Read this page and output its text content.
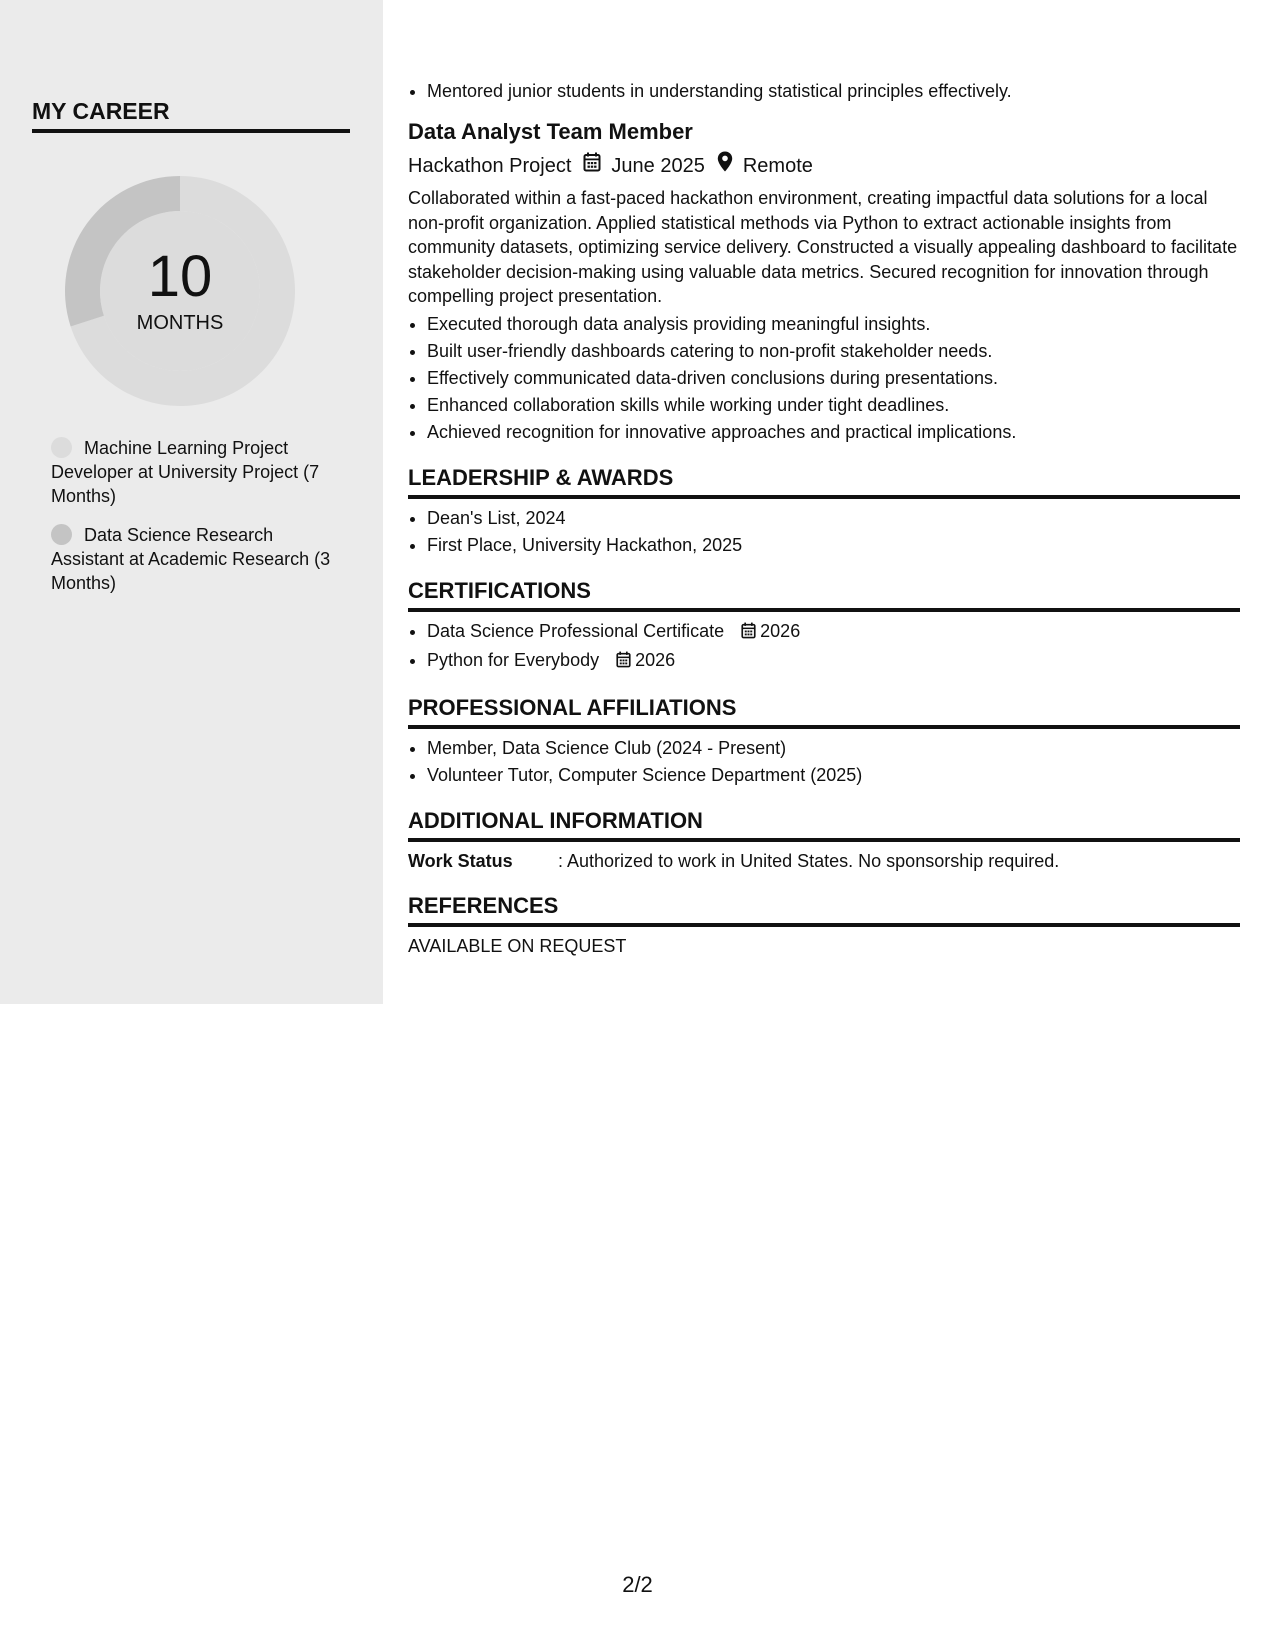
MY CAREER
10
MONTHS
Machine Learning Project Developer at University Project (7 Months)
Data Science Research Assistant at Academic Research (3 Months)
• Mentored junior students in understanding statistical principles effectively.
Data Analyst Team Member
Hackathon Project June 2025 Remote
Collaborated within a fast-paced hackathon environment, creating impactful data solutions for a local non-profit organization. Applied statistical methods via Python to extract actionable insights from community datasets, optimizing service delivery. Constructed a visually appealing dashboard to facilitate stakeholder decision-making using valuable data metrics. Secured recognition for innovation through compelling project presentation.
• Executed thorough data analysis providing meaningful insights.
• Built user-friendly dashboards catering to non-profit stakeholder needs.
• Effectively communicated data-driven conclusions during presentations.
• Enhanced collaboration skills while working under tight deadlines.
• Achieved recognition for innovative approaches and practical implications.
LEADERSHIP & AWARDS
• Dean's List, 2024
• First Place, University Hackathon, 2025
CERTIFICATIONS
• Data Science Professional Certificate 2026
• Python for Everybody 2026
PROFESSIONAL AFFILIATIONS
• Member, Data Science Club (2024 - Present)
• Volunteer Tutor, Computer Science Department (2025)
ADDITIONAL INFORMATION
Work Status	: Authorized to work in United States. No sponsorship required.
REFERENCES
AVAILABLE ON REQUEST
2/2
